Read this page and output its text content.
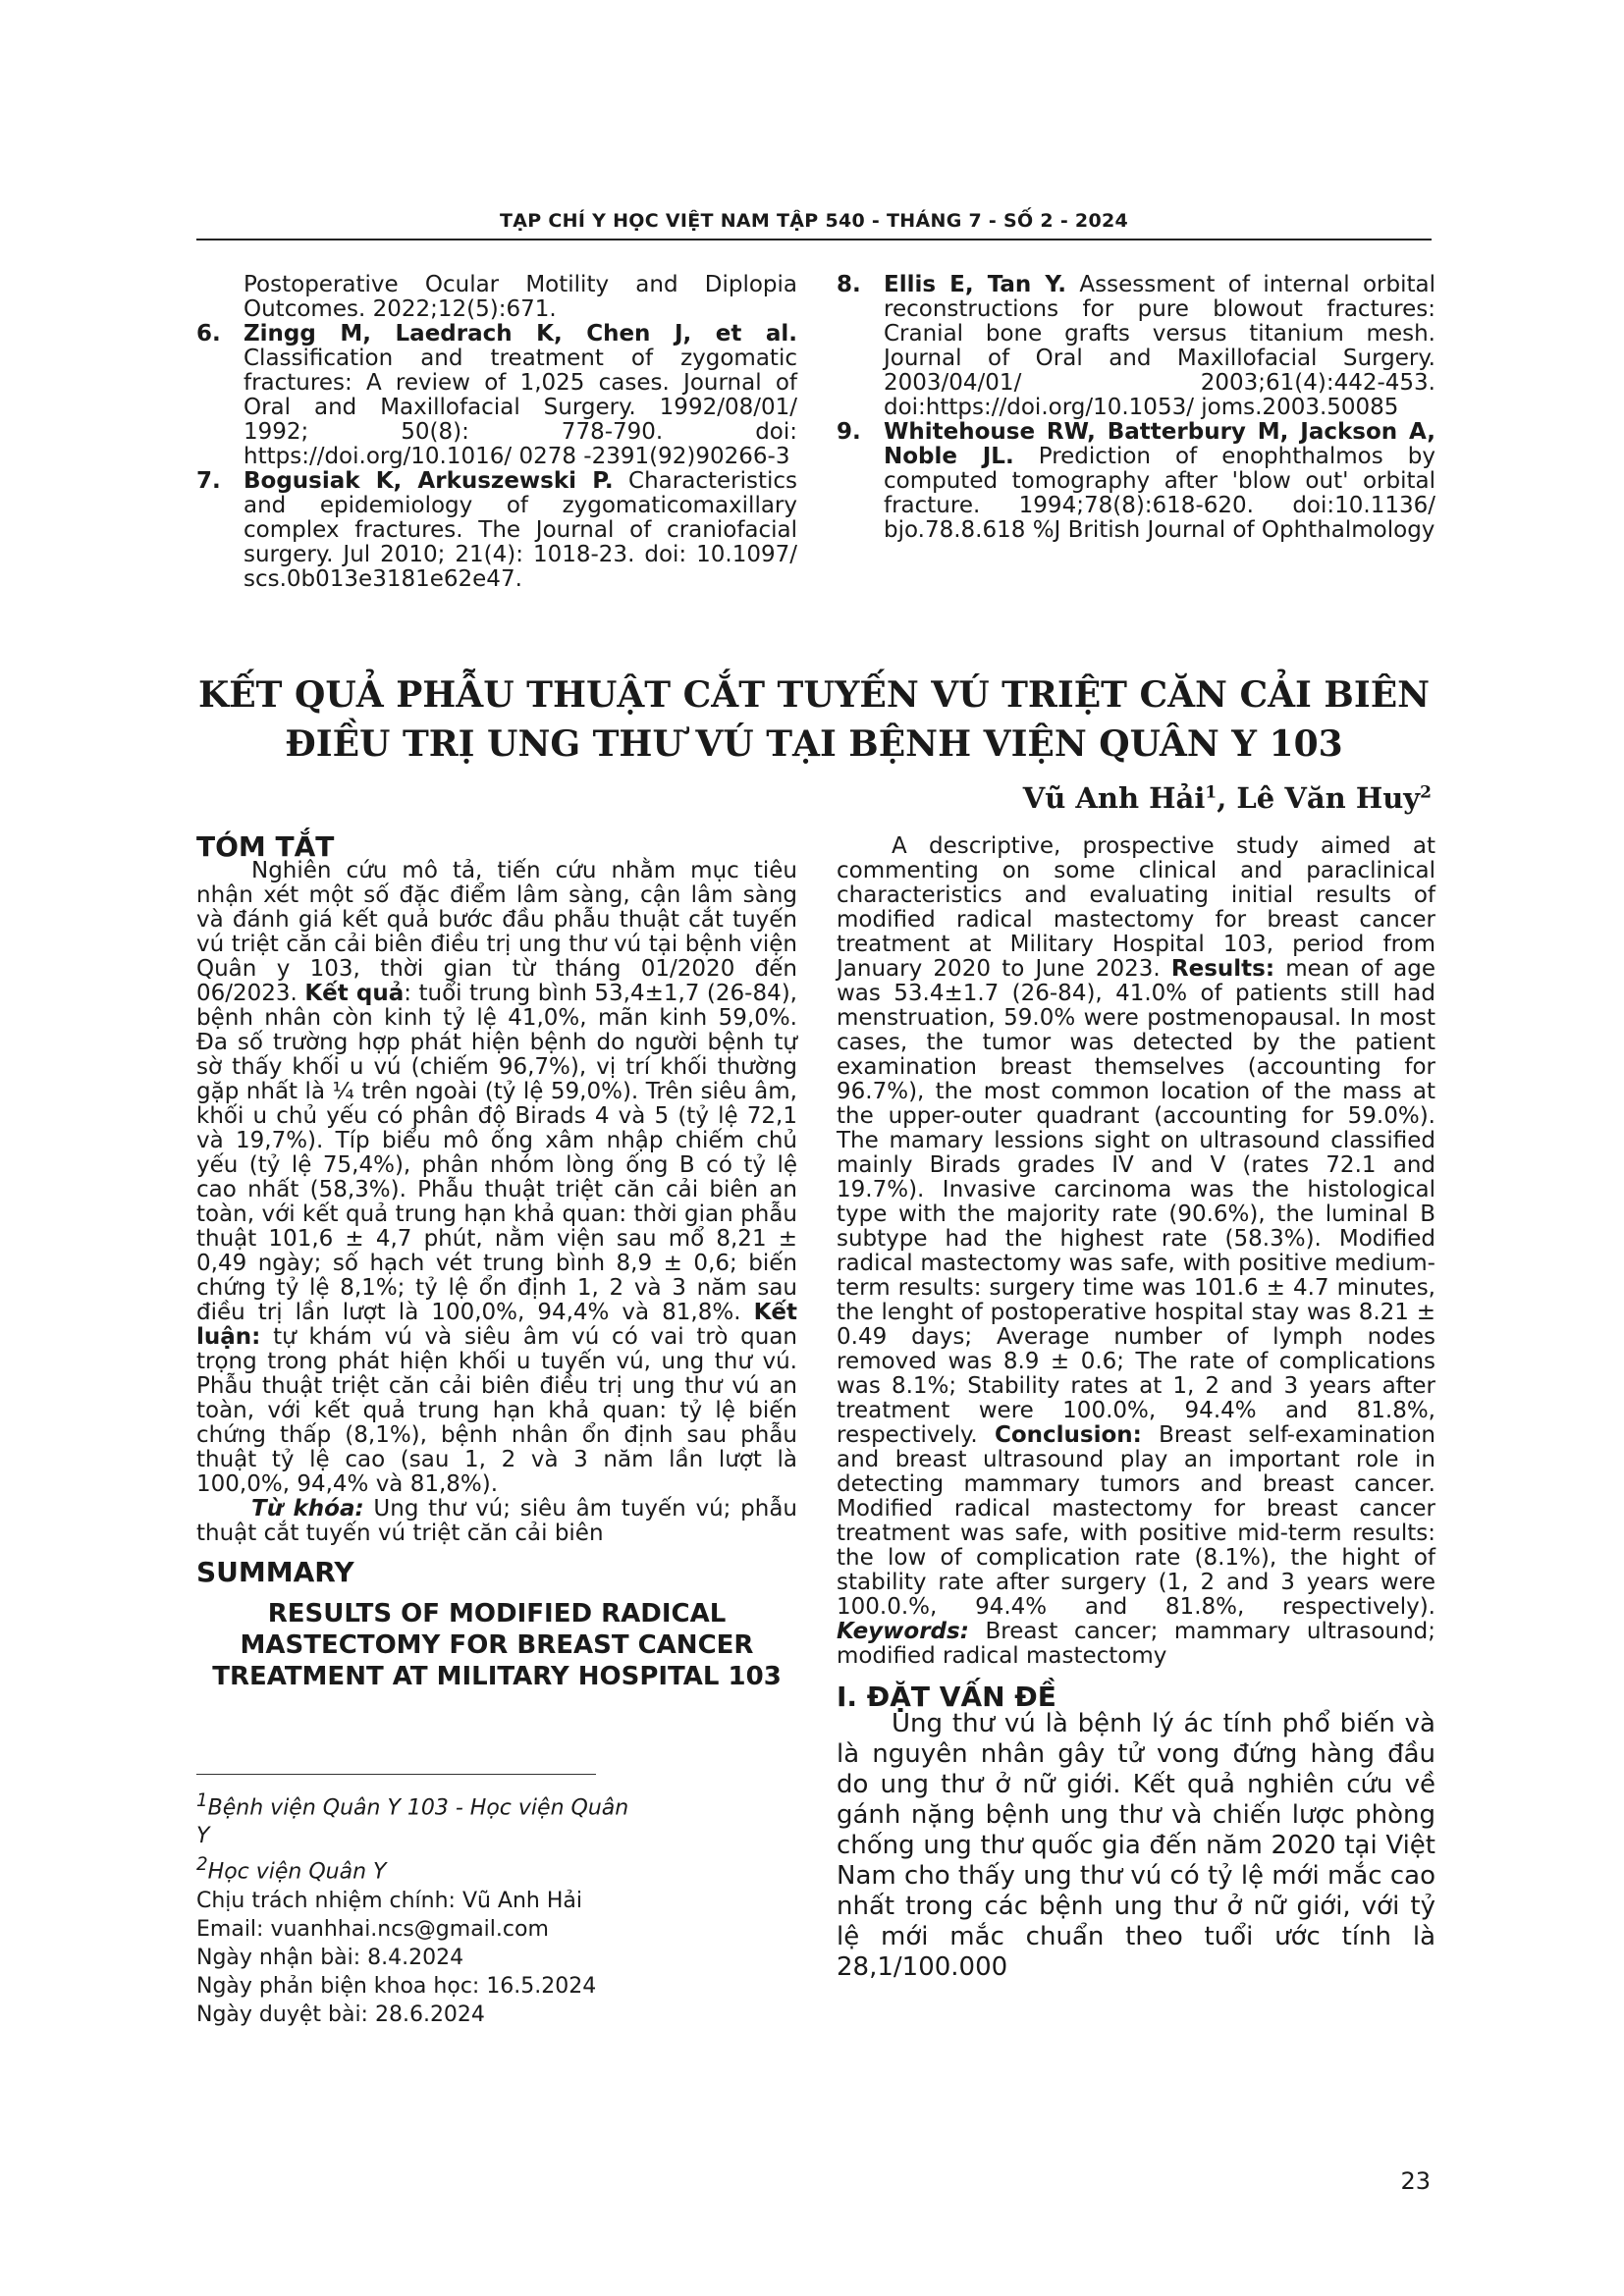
TẠP CHÍ Y HỌC VIỆT NAM TẬP 540 - THÁNG 7 - SỐ 2 - 2024

Postoperative Ocular Motility and Diplopia Outcomes. 2022;12(5):671.

6. Zingg M, Laedrach K, Chen J, et al. Classification and treatment of zygomatic fractures: A review of 1,025 cases. Journal of Oral and Maxillofacial Surgery. 1992/08/01/ 1992; 50(8): 778-790. doi: https://doi.org/10.1016/ 0278 -2391(92)90266-3

7. Bogusiak K, Arkuszewski P. Characteristics and epidemiology of zygomaticomaxillary complex fractures. The Journal of craniofacial surgery. Jul 2010; 21(4): 1018-23. doi: 10.1097/ scs.0b013e3181e62e47.

8. Ellis E, Tan Y. Assessment of internal orbital reconstructions for pure blowout fractures: Cranial bone grafts versus titanium mesh. Journal of Oral and Maxillofacial Surgery. 2003/04/01/ 2003;61(4):442-453. doi:https://doi.org/10.1053/ joms.2003.50085

9. Whitehouse RW, Batterbury M, Jackson A, Noble JL. Prediction of enophthalmos by computed tomography after 'blow out' orbital fracture. 1994;78(8):618-620. doi:10.1136/ bjo.78.8.618 %J British Journal of Ophthalmology

KẾT QUẢ PHẪU THUẬT CẮT TUYẾN VÚ TRIỆT CĂN CẢI BIÊN
ĐIỀU TRỊ UNG THƯ VÚ TẠI BỆNH VIỆN QUÂN Y 103
Vũ Anh Hải$^1$, Lê Văn Huy$^2$
TÓM TẮT

Nghiên cứu mô tả, tiến cứu nhằm mục tiêu nhận xét một số đặc điểm lâm sàng, cận lâm sàng và đánh giá kết quả bước đầu phẫu thuật cắt tuyến vú triệt căn cải biên điều trị ung thư vú tại bệnh viện Quân y 103, thời gian từ tháng 01/2020 đến 06/2023. Kết quả: tuổi trung bình 53,4±1,7 (26-84), bệnh nhân còn kinh tỷ lệ 41,0%, mãn kinh 59,0%. Đa số trường hợp phát hiện bệnh do người bệnh tự sờ thấy khối u vú (chiếm 96,7%), vị trí khối thường gặp nhất là ¼ trên ngoài (tỷ lệ 59,0%). Trên siêu âm, khối u chủ yếu có phân độ Birads 4 và 5 (tỷ lệ 72,1 và 19,7%). Típ biểu mô ống xâm nhập chiếm chủ yếu (tỷ lệ 75,4%), phân nhóm lòng ống B có tỷ lệ cao nhất (58,3%). Phẫu thuật triệt căn cải biên an toàn, với kết quả trung hạn khả quan: thời gian phẫu thuật 101,6 ± 4,7 phút, nằm viện sau mổ 8,21 ± 0,49 ngày; số hạch vét trung bình 8,9 ± 0,6; biến chứng tỷ lệ 8,1%; tỷ lệ ổn định 1, 2 và 3 năm sau điều trị lần lượt là 100,0%, 94,4% và 81,8%. Kết luận: tự khám vú và siêu âm vú có vai trò quan trọng trong phát hiện khối u tuyến vú, ung thư vú. Phẫu thuật triệt căn cải biên điều trị ung thư vú an toàn, với kết quả trung hạn khả quan: tỷ lệ biến chứng thấp (8,1%), bệnh nhân ổn định sau phẫu thuật tỷ lệ cao (sau 1, 2 và 3 năm lần lượt là 100,0%, 94,4% và 81,8%).

Từ khóa: Ung thư vú; siêu âm tuyến vú; phẫu thuật cắt tuyến vú triệt căn cải biên

SUMMARY
RESULTS OF MODIFIED RADICAL MASTECTOMY FOR BREAST CANCER TREATMENT AT MILITARY HOSPITAL 103
$^1$Bệnh viện Quân Y 103 - Học viện Quân Y
$^2$Học viện Quân Y
Chịu trách nhiệm chính: Vũ Anh Hải
Email: vuanhhai.ncs@gmail.com
Ngày nhận bài: 8.4.2024
Ngày phản biện khoa học: 16.5.2024
Ngày duyệt bài: 28.6.2024

A descriptive, prospective study aimed at commenting on some clinical and paraclinical characteristics and evaluating initial results of modified radical mastectomy for breast cancer treatment at Military Hospital 103, period from January 2020 to June 2023. Results: mean of age was 53.4±1.7 (26-84), 41.0% of patients still had menstruation, 59.0% were postmenopausal. In most cases, the tumor was detected by the patient examination breast themselves (accounting for 96.7%), the most common location of the mass at the upper-outer quadrant (accounting for 59.0%). The mamary lessions sight on ultrasound classified mainly Birads grades IV and V (rates 72.1 and 19.7%). Invasive carcinoma was the histological type with the majority rate (90.6%), the luminal B subtype had the highest rate (58.3%). Modified radical mastectomy was safe, with positive medium-term results: surgery time was 101.6 ± 4.7 minutes, the lenght of postoperative hospital stay was 8.21 ± 0.49 days; Average number of lymph nodes removed was 8.9 ± 0.6; The rate of complications was 8.1%; Stability rates at 1, 2 and 3 years after treatment were 100.0%, 94.4% and 81.8%, respectively. Conclusion: Breast self-examination and breast ultrasound play an important role in detecting mammary tumors and breast cancer. Modified radical mastectomy for breast cancer treatment was safe, with positive mid-term results: the low of complication rate (8.1%), the hight of stability rate after surgery (1, 2 and 3 years were 100.0.%, 94.4% and 81.8%, respectively). Keywords: Breast cancer; mammary ultrasound; modified radical mastectomy

I. ĐẶT VẤN ĐỀ

Ung thư vú là bệnh lý ác tính phổ biến và là nguyên nhân gây tử vong đứng hàng đầu do ung thư ở nữ giới. Kết quả nghiên cứu về gánh nặng bệnh ung thư và chiến lược phòng chống ung thư quốc gia đến năm 2020 tại Việt Nam cho thấy ung thư vú có tỷ lệ mới mắc cao nhất trong các bệnh ung thư ở nữ giới, với tỷ lệ mới mắc chuẩn theo tuổi ước tính là 28,1/100.000

23
